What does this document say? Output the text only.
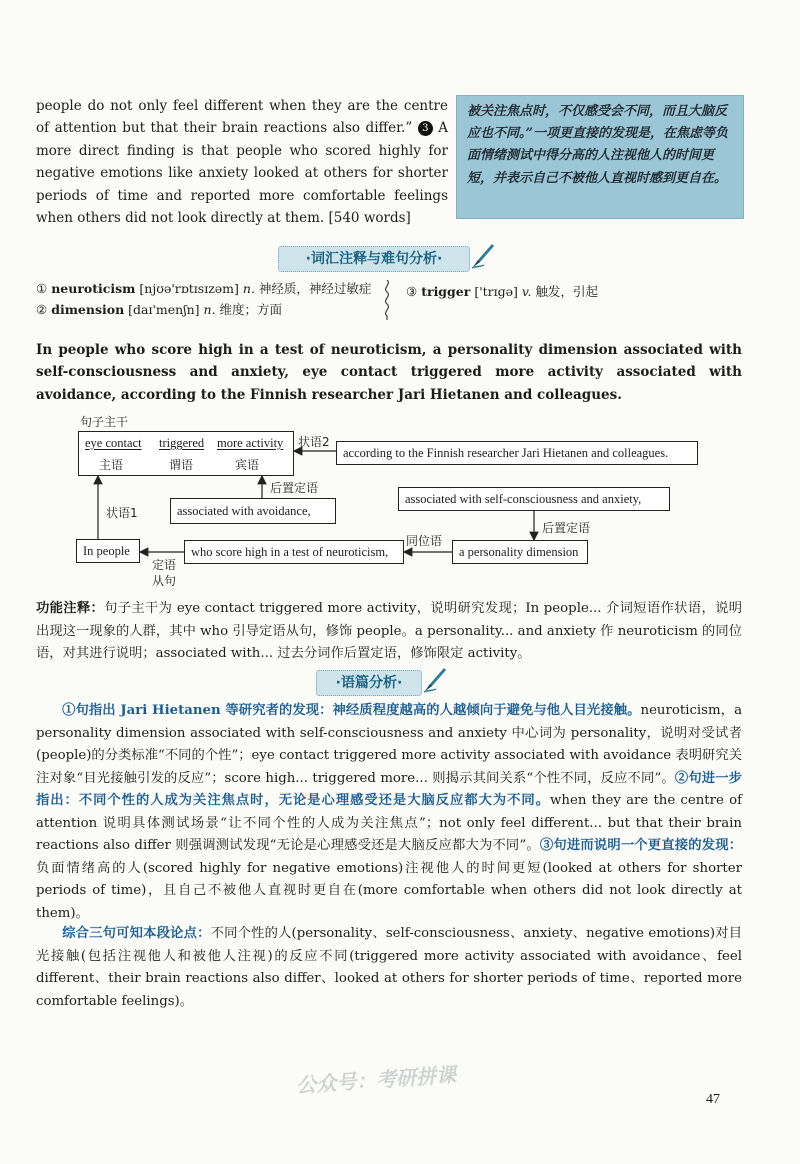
people do not only feel different when they are the centre of attention but that their brain reactions also differ.” 3 A more direct finding is that people who scored highly for negative emotions like anxiety looked at others for shorter periods of time and reported more comfortable feelings when others did not look directly at them. [540 words]
被关注焦点时，不仅感受会不同，而且大脑反应也不同。”一项更直接的发现是，在焦虑等负面情绪测试中得分高的人注视他人的时间更短，并表示自己不被他人直视时感到更自在。
·词汇注释与难句分析·
① neuroticism [njʊə'rɒtɪsɪzəm] n. 神经质，神经过敏症
② dimension [daɪ'menʃn] n. 维度；方面
③ trigger ['trɪɡə] v. 触发，引起
In people who score high in a test of neuroticism, a personality dimension associated with self-consciousness and anxiety, eye contact triggered more activity associated with avoidance, according to the Finnish researcher Jari Hietanen and colleagues.
句子主干
eye contact triggered more activity
主语	谓语	宾语
状语2
according to the Finnish researcher Jari Hietanen and colleagues.
后置定语
associated with avoidance,
状语1
In people
定语
从句
who score high in a test of neuroticism,
同位语
a personality dimension
后置定语
associated with self-consciousness and anxiety,
功能注释：句子主干为 eye contact triggered more activity，说明研究发现；In people... 介词短语作状语，说明出现这一现象的人群，其中 who 引导定语从句，修饰 people。a personality... and anxiety 作 neuroticism 的同位语，对其进行说明；associated with... 过去分词作后置定语，修饰限定 activity。
·语篇分析·
①句指出 Jari Hietanen 等研究者的发现：神经质程度越高的人越倾向于避免与他人目光接触。neuroticism，a personality dimension associated with self-consciousness and anxiety 中心词为 personality，说明对受试者(people)的分类标准“不同的个性”；eye contact triggered more activity associated with avoidance 表明研究关注对象“目光接触引发的反应”；score high... triggered more... 则揭示其间关系“个性不同，反应不同”。②句进一步指出：不同个性的人成为关注焦点时，无论是心理感受还是大脑反应都大为不同。when they are the centre of attention 说明具体测试场景“让不同个性的人成为关注焦点”；not only feel different... but that their brain reactions also differ 则强调测试发现“无论是心理感受还是大脑反应都大为不同”。③句进而说明一个更直接的发现：负面情绪高的人(scored highly for negative emotions)注视他人的时间更短(looked at others for shorter periods of time)，且自己不被他人直视时更自在(more comfortable when others did not look directly at them)。
综合三句可知本段论点：不同个性的人(personality、self-consciousness、anxiety、negative emotions)对目光接触(包括注视他人和被他人注视)的反应不同(triggered more activity associated with avoidance、feel different、their brain reactions also differ、looked at others for shorter periods of time、reported more comfortable feelings)。
公众号：考研拼课
47
